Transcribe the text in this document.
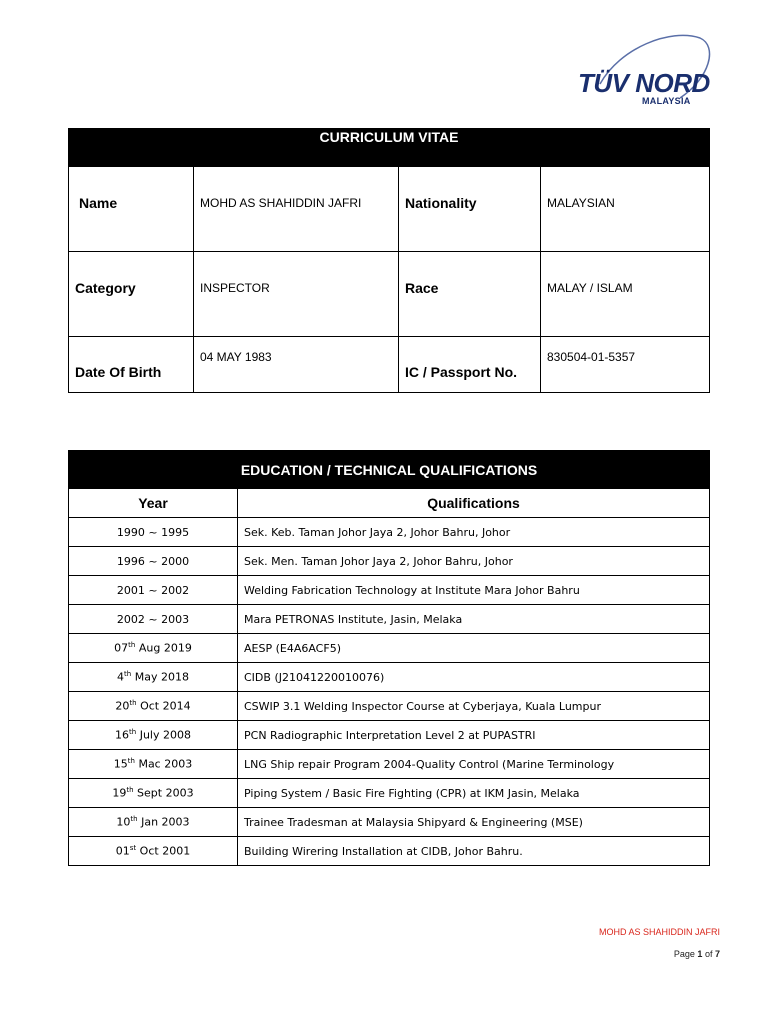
TÜV NORD
MALAYSIA
CURRICULUM VITAE			

Name	MOHD AS SHAHIDDIN JAFRI	Nationality	MALAYSIAN

Category	INSPECTOR	Race	MALAY / ISLAM

Date Of Birth	04 MAY 1983	IC / Passport No.	830504-01-5357
EDUCATION / TECHNICAL QUALIFICATIONS	
Year	Qualifications
1990 ~ 1995	Sek. Keb. Taman Johor Jaya 2, Johor Bahru, Johor
1996 ~ 2000	Sek. Men. Taman Johor Jaya 2, Johor Bahru, Johor
2001 ~ 2002	Welding Fabrication Technology at Institute Mara Johor Bahru
2002 ~ 2003	Mara PETRONAS Institute, Jasin, Melaka
07th Aug 2019	AESP (E4A6ACF5)
4th May 2018	CIDB (J21041220010076)
20th Oct 2014	CSWIP 3.1 Welding Inspector Course at Cyberjaya, Kuala Lumpur
16th July 2008	PCN Radiographic Interpretation Level 2 at PUPASTRI
15th Mac 2003	LNG Ship repair Program 2004-Quality Control (Marine Terminology
19th Sept 2003	Piping System / Basic Fire Fighting (CPR) at IKM Jasin, Melaka
10th Jan 2003	Trainee Tradesman at Malaysia Shipyard & Engineering (MSE)
01st Oct 2001	Building Wirering Installation at CIDB, Johor Bahru.
MOHD AS SHAHIDDIN JAFRI
Page 1 of 7
